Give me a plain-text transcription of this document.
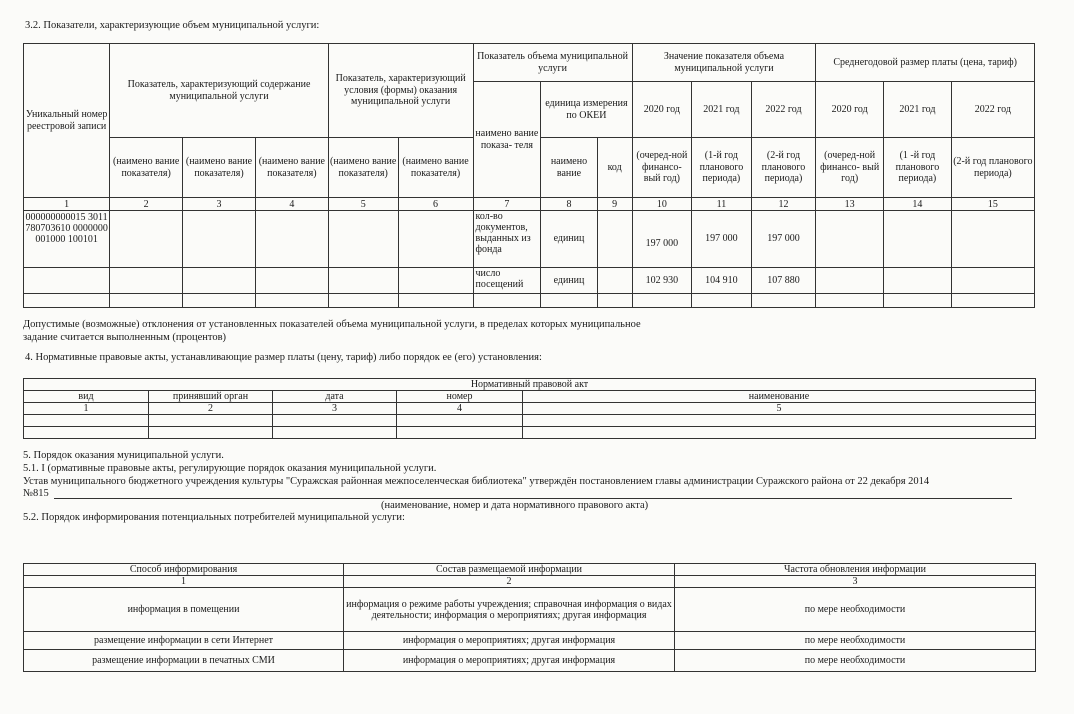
3.2. Показатели, характеризующие объем муниципальной услуги:
Уникальный номер реестровой записи	Показатель, характеризующий содержание муниципальной услуги			Показатель, характеризующий условия (формы) оказания муниципальной услуги		Показатель объема муниципальной услуги			Значение показателя объема муниципальной услуги			Среднегодовой размер платы (цена, тариф)		
						наимено вание показа- теля	единица измерения по ОКЕИ		2020 год	2021 год	2022 год	2020 год	2021 год	2022 год
	(наимено вание показателя)	(наимено вание показателя)	(наимено вание показателя)	(наимено вание показателя)	(наимено вание показателя)		наимено вание	код	(очеред-ной финансо- вый год)	(1-й год планового периода)	(2-й год планового периода)	(очеред-ной финансо- вый год)	(1 -й год планового периода)	(2-й год планового периода)
1	2	3	4	5	6	7	8	9	10	11	12	13	14	15
000000000015 3011780703610 0000000001000 100101						кол-во документов, выданных из фонда	единиц		197 000	197 000	197 000			
						число посещений	единиц		102 930	104 910	107 880			

Допустимые (возможные) отклонения от установленных показателей объема муниципальной услуги, в пределах которых муниципальное
задание считается выполненным (процентов)
4. Нормативные правовые акты, устанавливающие размер платы (цену, тариф) либо порядок ее (его) установления:
Нормативный правовой акт				
вид	принявший орган	дата	номер	наименование
1	2	3	4	5

5. Порядок оказания муниципальной услуги.
5.1. I (ормативные правовые акты, регулирующие порядок оказания муниципальной услуги.
Устав муниципального бюджетного учреждения культуры "Суражская районная межпоселенческая библиотека" утверждён постановлением главы администрации Суражского района от 22 декабря 2014
№815
(наименование, номер и дата нормативного правового акта)
5.2. Порядок информирования потенциальных потребителей муниципальной услуги:
Способ информирования	Состав размещаемой информации	Частота обновления информации
1	2	3
информация в помещении	информация о режиме работы учреждения; справочная информация о видах деятельности; информация о мероприятиях; другая информация	по мере необходимости
размещение информации в сети Интернет	информация о мероприятиях; другая информация	по мере необходимости
размещение информации в печатных СМИ	информация о мероприятиях; другая информация	по мере необходимости
